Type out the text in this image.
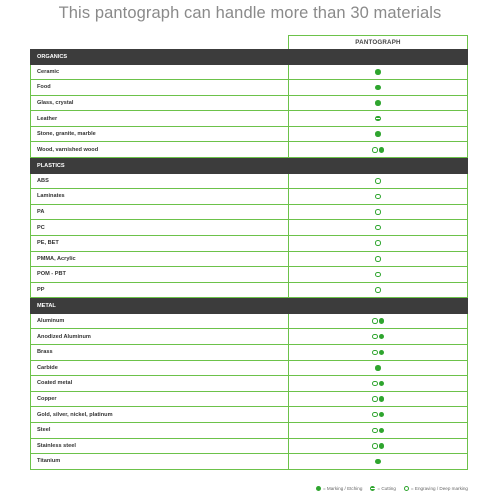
This pantograph can handle more than 30 materials
PANTOGRAPH
ORGANICS
Ceramic
Food
Glass, crystal
Leather
Stone, granite, marble
Wood, varnished wood
PLASTICS
ABS
Laminates
PA
PC
PE, BET
PMMA, Acrylic
POM - PBT
PP
METAL
Aluminum
Anodized Aluminum
Brass
Carbide
Coated metal
Copper
Gold, silver, nickel, platinum
Steel
Stainless steel
Titanium
= Marking / Etching	= Cutting	= Engraving / Deep marking
